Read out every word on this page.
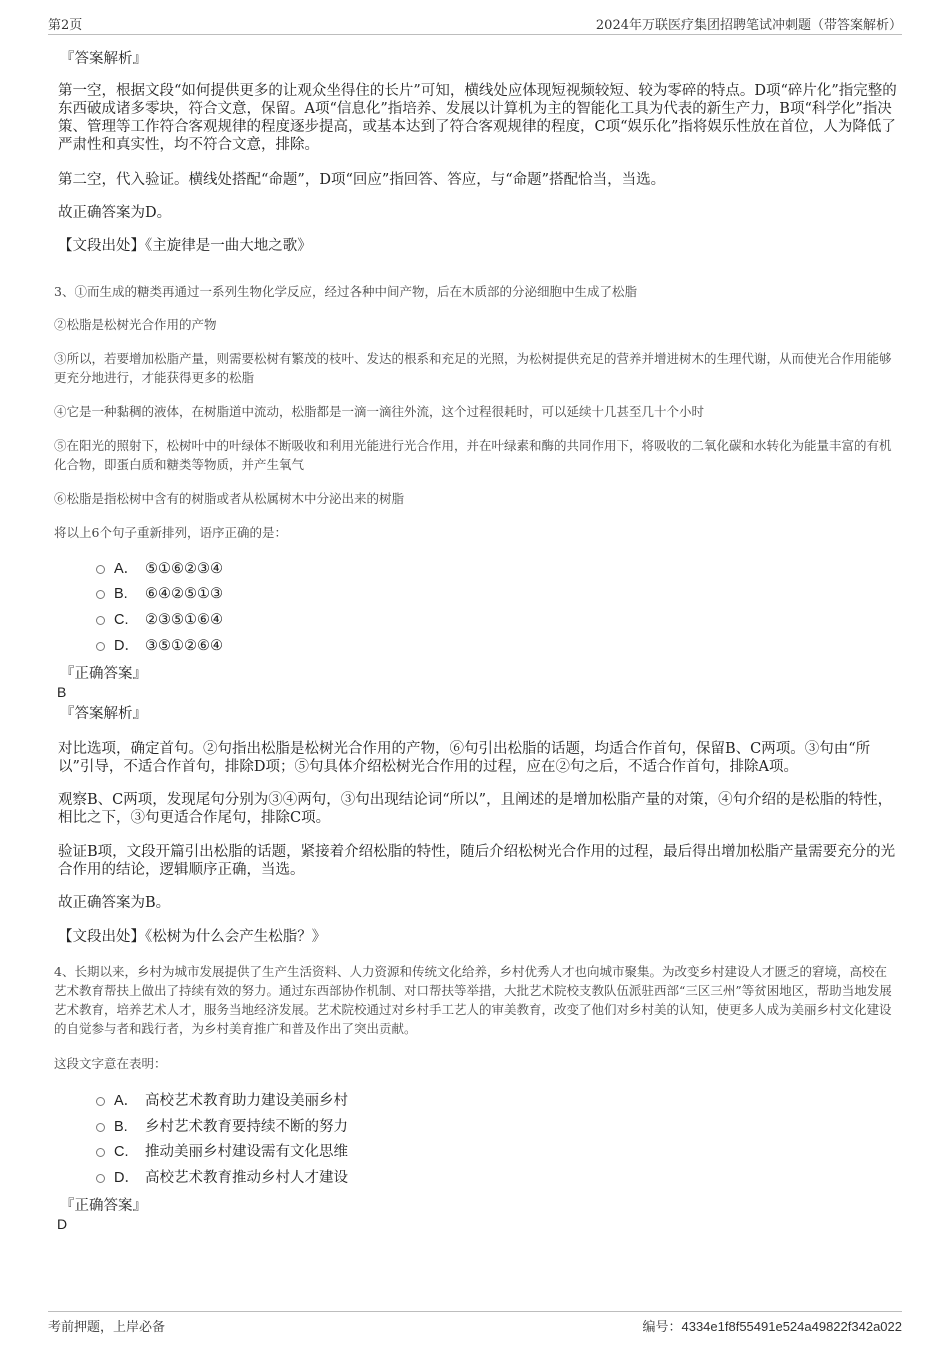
第2页	2024年万联医疗集团招聘笔试冲刺题（带答案解析）
『答案解析』

第一空，根据文段“如何提供更多的让观众坐得住的长片”可知，横线处应体现短视频较短、较为零碎的特点。D项“碎片化”指完整的东西破成诸多零块，符合文意，保留。A项“信息化”指培养、发展以计算机为主的智能化工具为代表的新生产力，B项“科学化”指决策、管理等工作符合客观规律的程度逐步提高，或基本达到了符合客观规律的程度，C项“娱乐化”指将娱乐性放在首位，人为降低了严肃性和真实性，均不符合文意，排除。

第二空，代入验证。横线处搭配“命题”，D项“回应”指回答、答应，与“命题”搭配恰当，当选。

故正确答案为D。

【文段出处】《主旋律是一曲大地之歌》

3、①而生成的糖类再通过一系列生物化学反应，经过各种中间产物，后在木质部的分泌细胞中生成了松脂

②松脂是松树光合作用的产物

③所以，若要增加松脂产量，则需要松树有繁茂的枝叶、发达的根系和充足的光照，为松树提供充足的营养并增进树木的生理代谢，从而使光合作用能够更充分地进行，才能获得更多的松脂

④它是一种黏稠的液体，在树脂道中流动，松脂都是一滴一滴往外流，这个过程很耗时，可以延续十几甚至几十个小时

⑤在阳光的照射下，松树叶中的叶绿体不断吸收和利用光能进行光合作用，并在叶绿素和酶的共同作用下，将吸收的二氧化碳和水转化为能量丰富的有机化合物，即蛋白质和糖类等物质，并产生氧气

⑥松脂是指松树中含有的树脂或者从松属树木中分泌出来的树脂

将以上6个句子重新排列，语序正确的是：

A． ⑤①⑥②③④
B. ⑥④②⑤①③
C. ②③⑤①⑥④
D． ③⑤①②⑥④
『正确答案』
B
『答案解析』

对比选项，确定首句。②句指出松脂是松树光合作用的产物，⑥句引出松脂的话题，均适合作首句，保留B、C两项。③句由“所以”引导，不适合作首句，排除D项；⑤句具体介绍松树光合作用的过程，应在②句之后，不适合作首句，排除A项。

观察B、C两项，发现尾句分别为③④两句，③句出现结论词“所以”，且阐述的是增加松脂产量的对策，④句介绍的是松脂的特性，相比之下，③句更适合作尾句，排除C项。

验证B项，文段开篇引出松脂的话题，紧接着介绍松脂的特性，随后介绍松树光合作用的过程，最后得出增加松脂产量需要充分的光合作用的结论，逻辑顺序正确，当选。

故正确答案为B。

【文段出处】《松树为什么会产生松脂？》

4、长期以来，乡村为城市发展提供了生产生活资料、人力资源和传统文化给养，乡村优秀人才也向城市聚集。为改变乡村建设人才匮乏的窘境，高校在艺术教育帮扶上做出了持续有效的努力。通过东西部协作机制、对口帮扶等举措，大批艺术院校支教队伍派驻西部“三区三州”等贫困地区，帮助当地发展艺术教育，培养艺术人才，服务当地经济发展。艺术院校通过对乡村手工艺人的审美教育，改变了他们对乡村美的认知，使更多人成为美丽乡村文化建设的自觉参与者和践行者，为乡村美育推广和普及作出了突出贡献。

这段文字意在表明：

A． 高校艺术教育助力建设美丽乡村
B. 乡村艺术教育要持续不断的努力
C. 推动美丽乡村建设需有文化思维
D． 高校艺术教育推动乡村人才建设
『正确答案』
D
考前押题，上岸必备	编号：4334e1f8f55491e524a49822f342a022
